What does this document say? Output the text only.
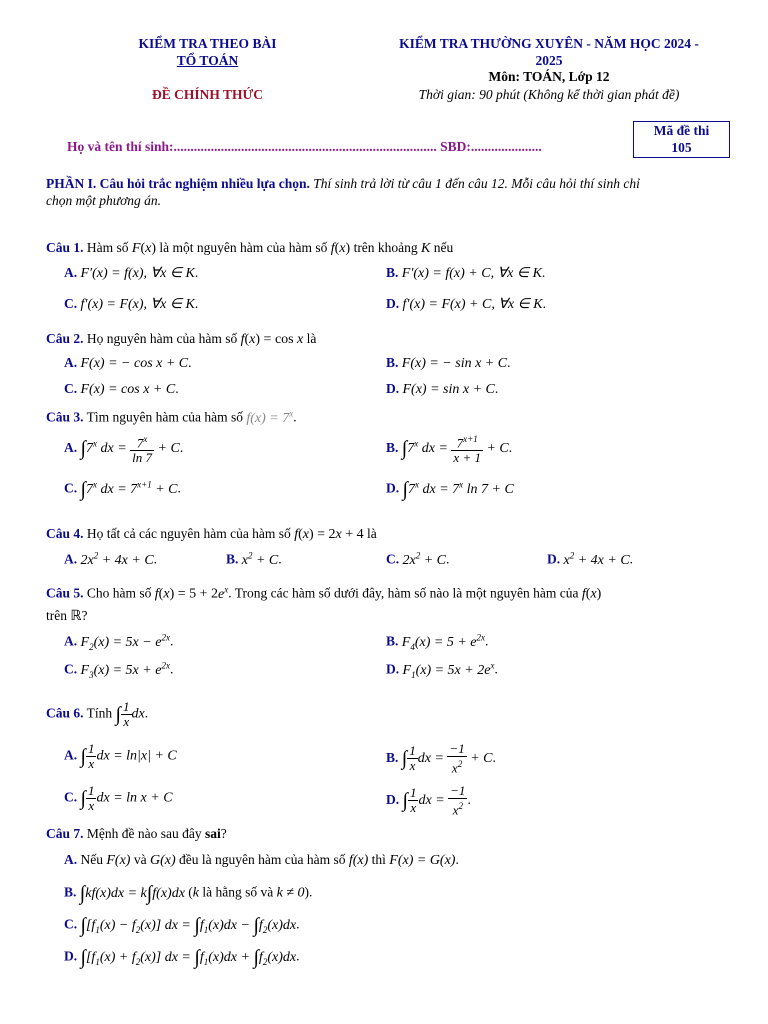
KIỂM TRA THEO BÀI
TỔ TOÁN
ĐỀ CHÍNH THỨC
KIỂM TRA THƯỜNG XUYÊN - NĂM HỌC 2024 -
2025
Môn: TOÁN, Lớp 12
Thời gian: 90 phút (Không kể thời gian phát đề)
Họ và tên thí sinh:.............................................................................. SBD:.....................
Mã đề thi
105
PHẦN I. Câu hỏi trắc nghiệm nhiều lựa chọn. Thí sinh trả lời từ câu 1 đến câu 12. Mỗi câu hỏi thí sinh chỉ
chọn một phương án.
Câu 1. Hàm số F(x) là một nguyên hàm của hàm số f(x) trên khoảng K nếu
A. F′(x) = f(x), ∀x ∈ K.	B. F′(x) = f(x) + C, ∀x ∈ K.
C. f′(x) = F(x), ∀x ∈ K.	D. f′(x) = F(x) + C, ∀x ∈ K.
Câu 2. Họ nguyên hàm của hàm số f(x) = cos x là
A. F(x) = − cos x + C.	B. F(x) = − sin x + C.
C. F(x) = cos x + C.	D. F(x) = sin x + C.
Câu 3. Tìm nguyên hàm của hàm số $f(x) = 7^x$.
A. ∫7$^x$ dx = $\frac{7^x}{\ln 7} + C$.	B. ∫7$^x$ dx = $\frac{7^{x+1}}{x + 1} + C$.
C. ∫7$^x$ dx = $7^{x+1} + C$.	D. ∫7$^x$ dx = $7^x$ ln 7 + C
Câu 4. Họ tất cả các nguyên hàm của hàm số f(x) = 2x + 4 là
A. $2x^2 + 4x + C$.	B. $x^2 + C$.	C. $2x^2 + C$.	D. $x^2 + 4x + C$.
Câu 5. Cho hàm số $f(x) = 5 + 2e^x$. Trong các hàm số dưới đây, hàm số nào là một nguyên hàm của f(x)
trên ℝ?
A. $F_2(x) = 5x - e^{2x}$.	B. $F_4(x) = 5 + e^{2x}$.
C. $F_3(x) = 5x + e^{2x}$.	D. $F_1(x) = 5x + 2e^x$.
Câu 6. Tính ∫ $\frac{1}{x}$ dx.
A. ∫ $\frac{1}{x}$ dx = ln|x| + C	B. ∫ $\frac{1}{x}$ dx = $\frac{-1}{x^2} + C$.
C. ∫ $\frac{1}{x}$ dx = ln x + C	D. ∫ $\frac{1}{x}$ dx = $\frac{-1}{x^2}$ .
Câu 7. Mệnh đề nào sau đây sai?
A. Nếu F(x) và G(x) đều là nguyên hàm của hàm số f(x) thì F(x) = G(x).
B. ∫kf(x)dx = k∫f(x)dx (k là hằng số và k ≠ 0).
C. $\int[f_1(x) - f_2(x)]$ dx = $\int f_1(x)dx - \int f_2(x)dx$.
D. $\int[f_1(x) + f_2(x)]$ dx = $\int f_1(x)dx + \int f_2(x)dx$.
